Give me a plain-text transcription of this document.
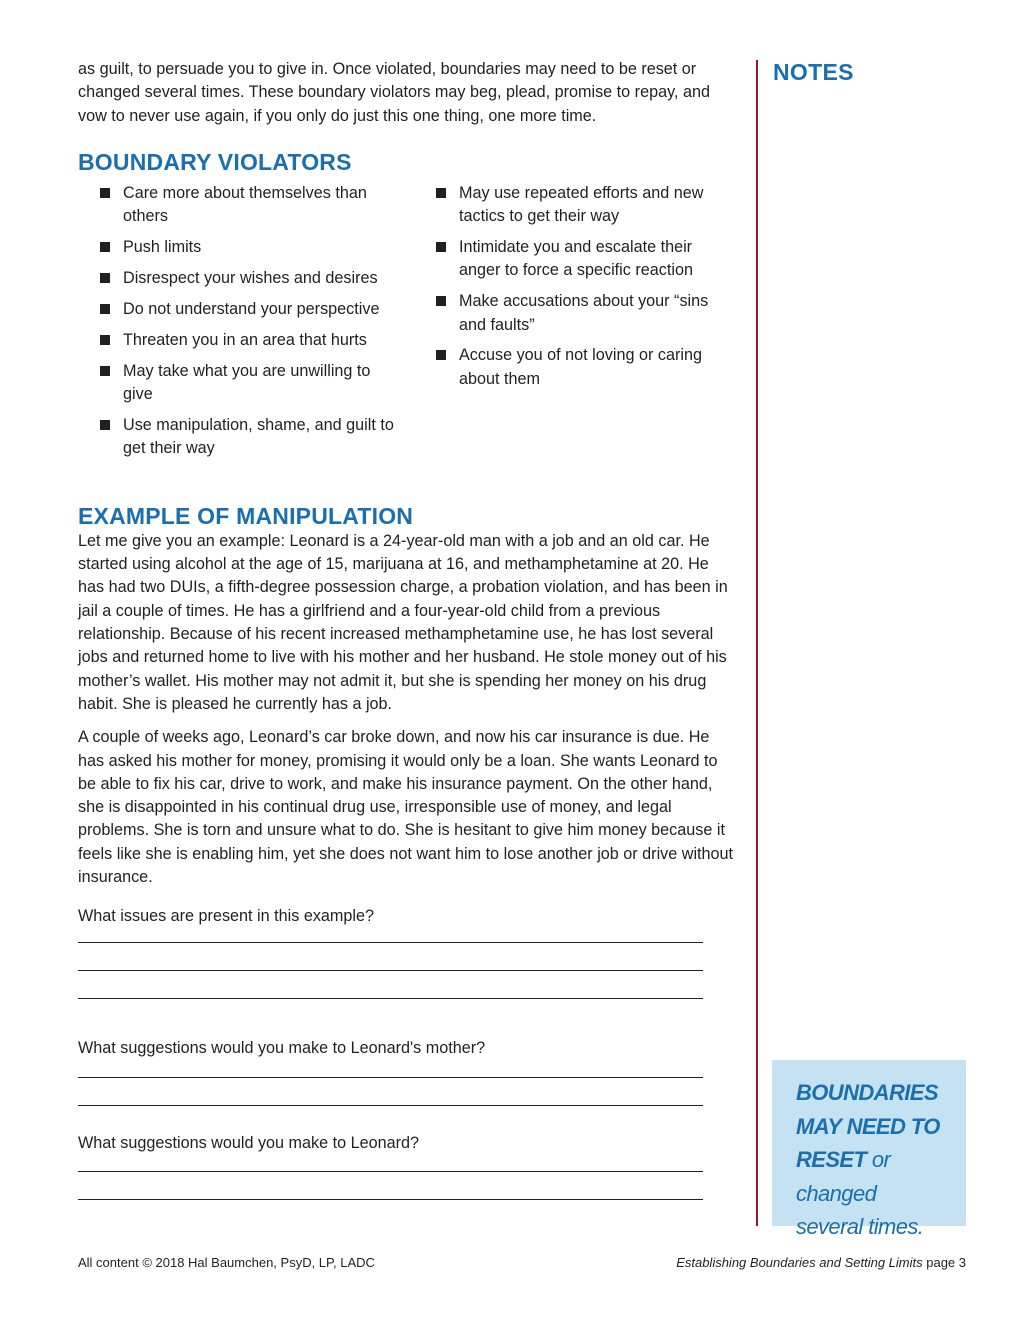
as guilt, to persuade you to give in. Once violated, boundaries may need to be reset or changed several times. These boundary violators may beg, plead, promise to repay, and vow to never use again, if you only do just this one thing, one more time.

BOUNDARY VIOLATORS
Care more about themselves than others
Push limits
Disrespect your wishes and desires
Do not understand your perspective
Threaten you in an area that hurts
May take what you are unwilling to give
Use manipulation, shame, and guilt to get their way
May use repeated efforts and new tactics to get their way
Intimidate you and escalate their anger to force a specific reaction
Make accusations about your “sins and faults”
Accuse you of not loving or caring about them
EXAMPLE OF MANIPULATION

Let me give you an example: Leonard is a 24-year-old man with a job and an old car. He started using alcohol at the age of 15, marijuana at 16, and methamphetamine at 20. He has had two DUIs, a fifth-degree possession charge, a probation violation, and has been in jail a couple of times. He has a girlfriend and a four-year-old child from a previous relationship. Because of his recent increased methamphetamine use, he has lost several jobs and returned home to live with his mother and her husband. He stole money out of his mother’s wallet. His mother may not admit it, but she is spending her money on his drug habit. She is pleased he currently has a job.

A couple of weeks ago, Leonard’s car broke down, and now his car insurance is due. He has asked his mother for money, promising it would only be a loan. She wants Leonard to be able to fix his car, drive to work, and make his insurance payment. On the other hand, she is disappointed in his continual drug use, irresponsible use of money, and legal problems. She is torn and unsure what to do. She is hesitant to give him money because it feels like she is enabling him, yet she does not want him to lose another job or drive without insurance.

What issues are present in this example?

What suggestions would you make to Leonard's mother?

What suggestions would you make to Leonard?

NOTES
BOUNDARIES
MAY NEED TO
RESET or changed
several times.
All content © 2018 Hal Baumchen, PsyD, LP, LADC	Establishing Boundaries and Setting Limits page 3
